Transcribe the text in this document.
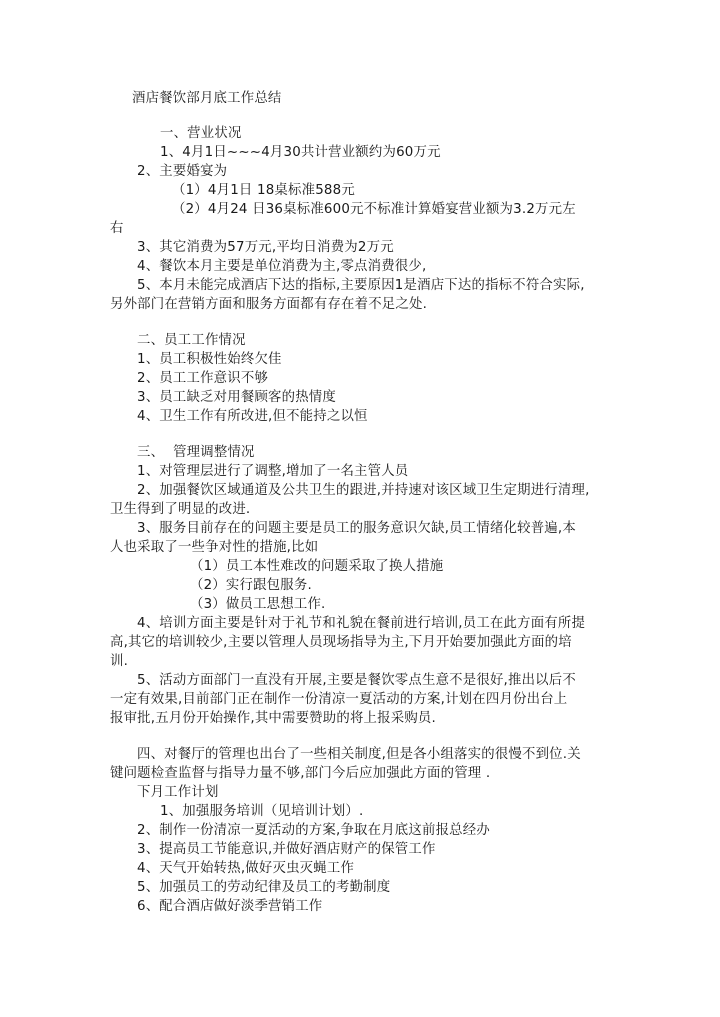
酒店餐饮部月底工作总结
一、营业状况
1、4月1日~~~4月30共计营业额约为60万元
2、主要婚宴为
（1）4月1日 18桌标准588元
（2）4月24 日36桌标准600元不标准计算婚宴营业额为3.2万元左
右
3、其它消费为57万元,平均日消费为2万元
4、餐饮本月主要是单位消费为主,零点消费很少,
5、本月未能完成酒店下达的指标,主要原因1是酒店下达的指标不符合实际,
另外部门在营销方面和服务方面都有存在着不足之处.
二、员工工作情况
1、员工积极性始终欠佳
2、员工工作意识不够
3、员工缺乏对用餐顾客的热情度
4、卫生工作有所改进,但不能持之以恒
三、  管理调整情况
1、对管理层进行了调整,增加了一名主管人员
2、加强餐饮区域通道及公共卫生的跟进,并持速对该区域卫生定期进行清理,
卫生得到了明显的改进.
3、服务目前存在的问题主要是员工的服务意识欠缺,员工情绪化较普遍,本
人也采取了一些争对性的措施,比如
（1）员工本性难改的问题采取了换人措施
（2）实行跟包服务.
（3）做员工思想工作.
4、培训方面主要是针对于礼节和礼貌在餐前进行培训,员工在此方面有所提
高,其它的培训较少,主要以管理人员现场指导为主,下月开始要加强此方面的培
训.
5、活动方面部门一直没有开展,主要是餐饮零点生意不是很好,推出以后不
一定有效果,目前部门正在制作一份清凉一夏活动的方案,计划在四月份出台上
报审批,五月份开始操作,其中需要赞助的将上报采购员.
四、对餐厅的管理也出台了一些相关制度,但是各小组落实的很慢不到位.关
键问题检查监督与指导力量不够,部门今后应加强此方面的管理 .
下月工作计划
1、加强服务培训（见培训计划）.
2、制作一份清凉一夏活动的方案,争取在月底这前报总经办
3、提高员工节能意识,并做好酒店财产的保管工作
4、天气开始转热,做好灭虫灭蝇工作
5、加强员工的劳动纪律及员工的考勤制度
6、配合酒店做好淡季营销工作
